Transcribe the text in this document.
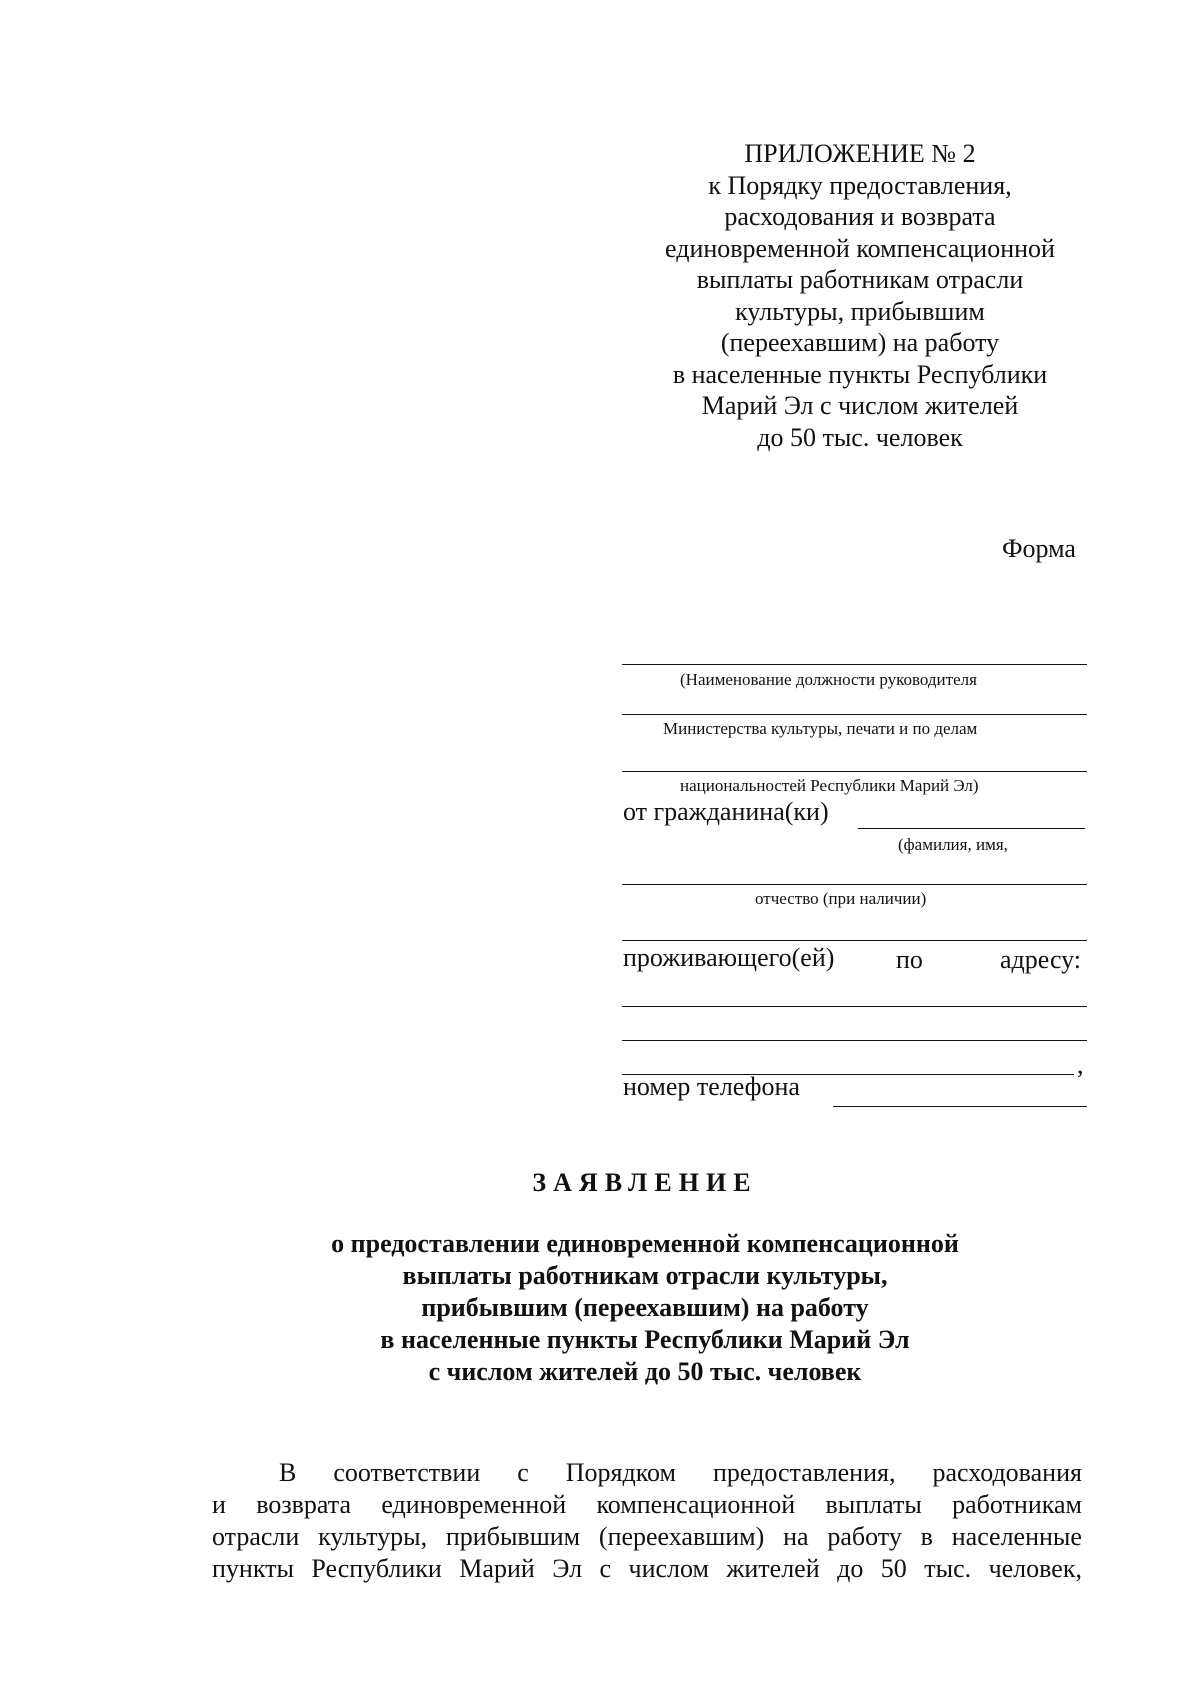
ПРИЛОЖЕНИЕ № 2
к Порядку предоставления,
расходования и возврата
единовременной компенсационной
выплаты работникам отрасли
культуры, прибывшим
(переехавшим) на работу
в населенные пункты Республики
Марий Эл с числом жителей
до 50 тыс. человек
Форма
(Наименование должности руководителя
Министерства культуры, печати и по делам
национальностей Республики Марий Эл)
от гражданина(ки)
(фамилия, имя,
отчество (при наличии)
проживающего(ей) по	адресу:
,
номер телефона
ЗАЯВЛЕНИЕ
о предоставлении единовременной компенсационной
выплаты работникам отрасли культуры,
прибывшим (переехавшим) на работу
в населенные пункты Республики Марий Эл
с числом жителей до 50 тыс. человек
В соответствии с Порядком предоставления, расходования
и возврата единовременной компенсационной выплаты работникам
отрасли культуры, прибывшим (переехавшим) на работу в населенные
пункты Республики Марий Эл с числом жителей до 50 тыс. человек,
